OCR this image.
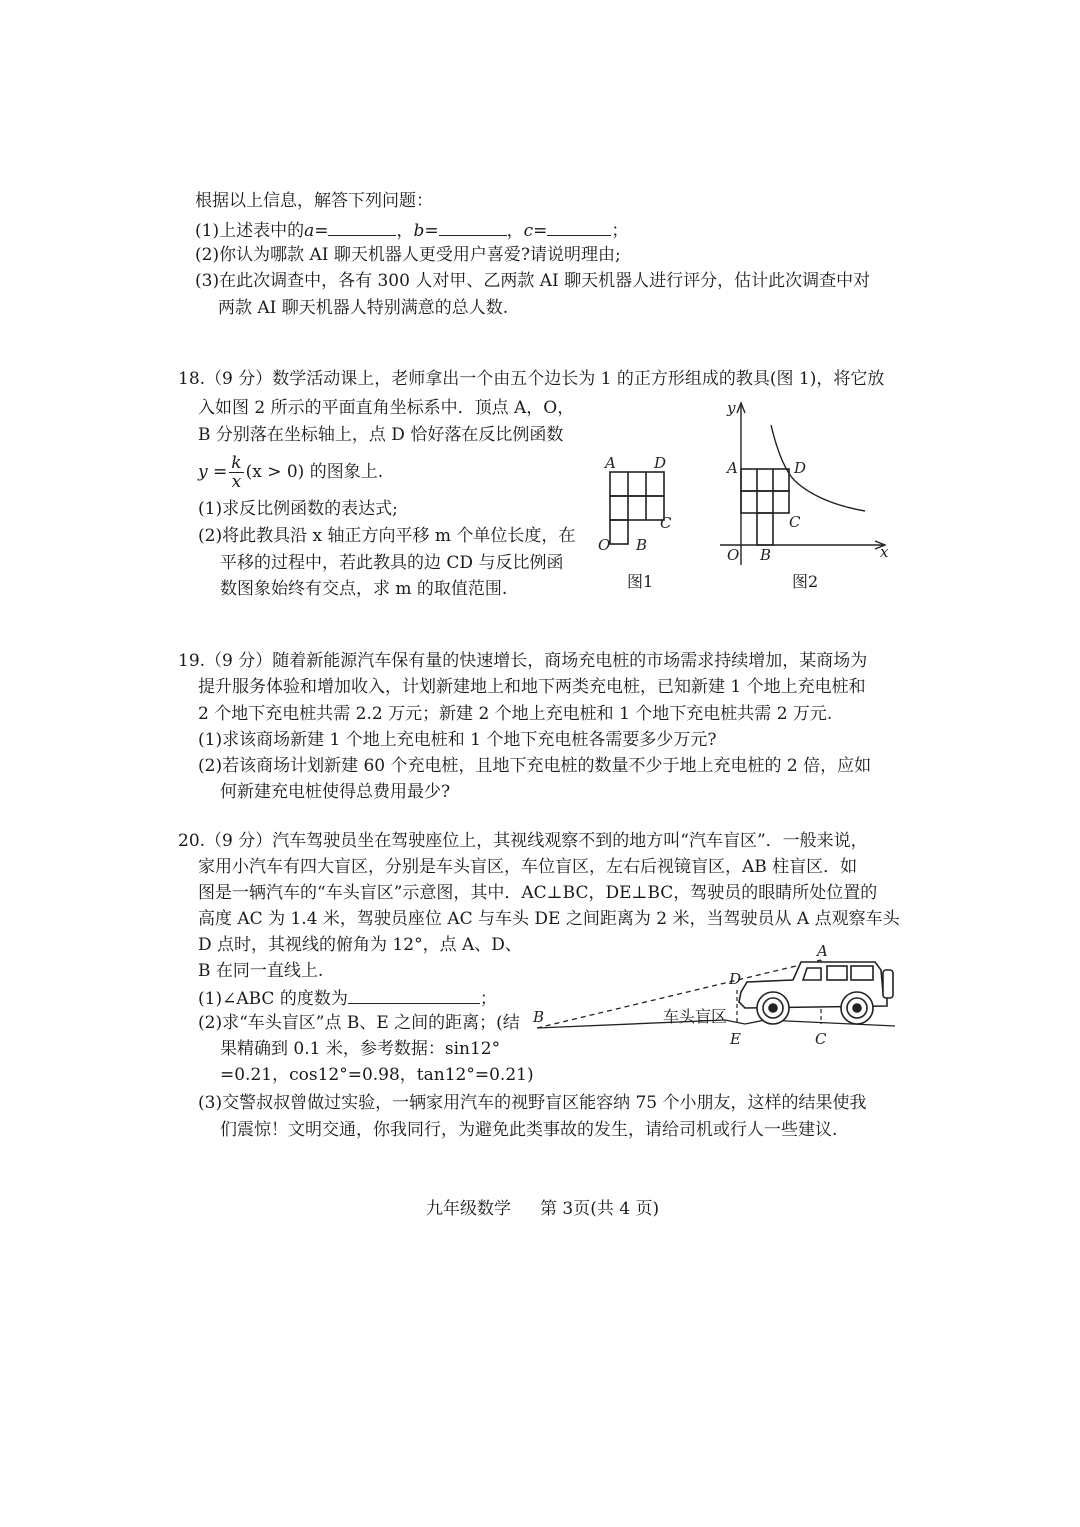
根据以上信息，解答下列问题：
(1)上述表中的a=	，b=	，c=	；
(2)你认为哪款 AI 聊天机器人更受用户喜爱?请说明理由;
(3)在此次调查中，各有 300 人对甲、乙两款 AI 聊天机器人进行评分，估计此次调查中对
两款 AI 聊天机器人特别满意的总人数.
18.（9 分）数学活动课上，老师拿出一个由五个边长为 1 的正方形组成的教具(图 1)，将它放
入如图 2 所示的平面直角坐标系中．顶点 A，O，
B 分别落在坐标轴上，点 D 恰好落在反比例函数
$y = \frac{k}{x} (x > 0)$ 的图象上.
(1)求反比例函数的表达式;
(2)将此教具沿 x 轴正方向平移 m 个单位长度，在
平移的过程中，若此教具的边 CD 与反比例函
数图象始终有交点，求 m 的取值范围.
A	D
C
O B
图1
y
A	D
C
O B	x
图2
19.（9 分）随着新能源汽车保有量的快速增长，商场充电桩的市场需求持续增加，某商场为
提升服务体验和增加收入，计划新建地上和地下两类充电桩，已知新建 1 个地上充电桩和
2 个地下充电桩共需 2.2 万元；新建 2 个地上充电桩和 1 个地下充电桩共需 2 万元.
(1)求该商场新建 1 个地上充电桩和 1 个地下充电桩各需要多少万元?
(2)若该商场计划新建 60 个充电桩，且地下充电桩的数量不少于地上充电桩的 2 倍，应如
何新建充电桩使得总费用最少?
20.（9 分）汽车驾驶员坐在驾驶座位上，其视线观察不到的地方叫“汽车盲区”．一般来说，
家用小汽车有四大盲区，分别是车头盲区，车位盲区，左右后视镜盲区，AB 柱盲区．如
图是一辆汽车的“车头盲区”示意图，其中．AC⊥BC，DE⊥BC，驾驶员的眼睛所处位置的
高度 AC 为 1.4 米，驾驶员座位 AC 与车头 DE 之间距离为 2 米，当驾驶员从 A 点观察车头
D 点时，其视线的俯角为 12°，点 A、D、
B 在同一直线上.
(1)∠ABC 的度数为	；
(2)求“车头盲区”点 B、E 之间的距离；(结
果精确到 0.1 米，参考数据：sin12°
=0.21，cos12°=0.98，tan12°=0.21)
(3)交警叔叔曾做过实验，一辆家用汽车的视野盲区能容纳 75 个小朋友，这样的结果使我
们震惊！文明交通，你我同行，为避免此类事故的发生，请给司机或行人一些建议.
A
D
B
E	C
车头盲区
九年级数学 第 3页(共 4 页)
